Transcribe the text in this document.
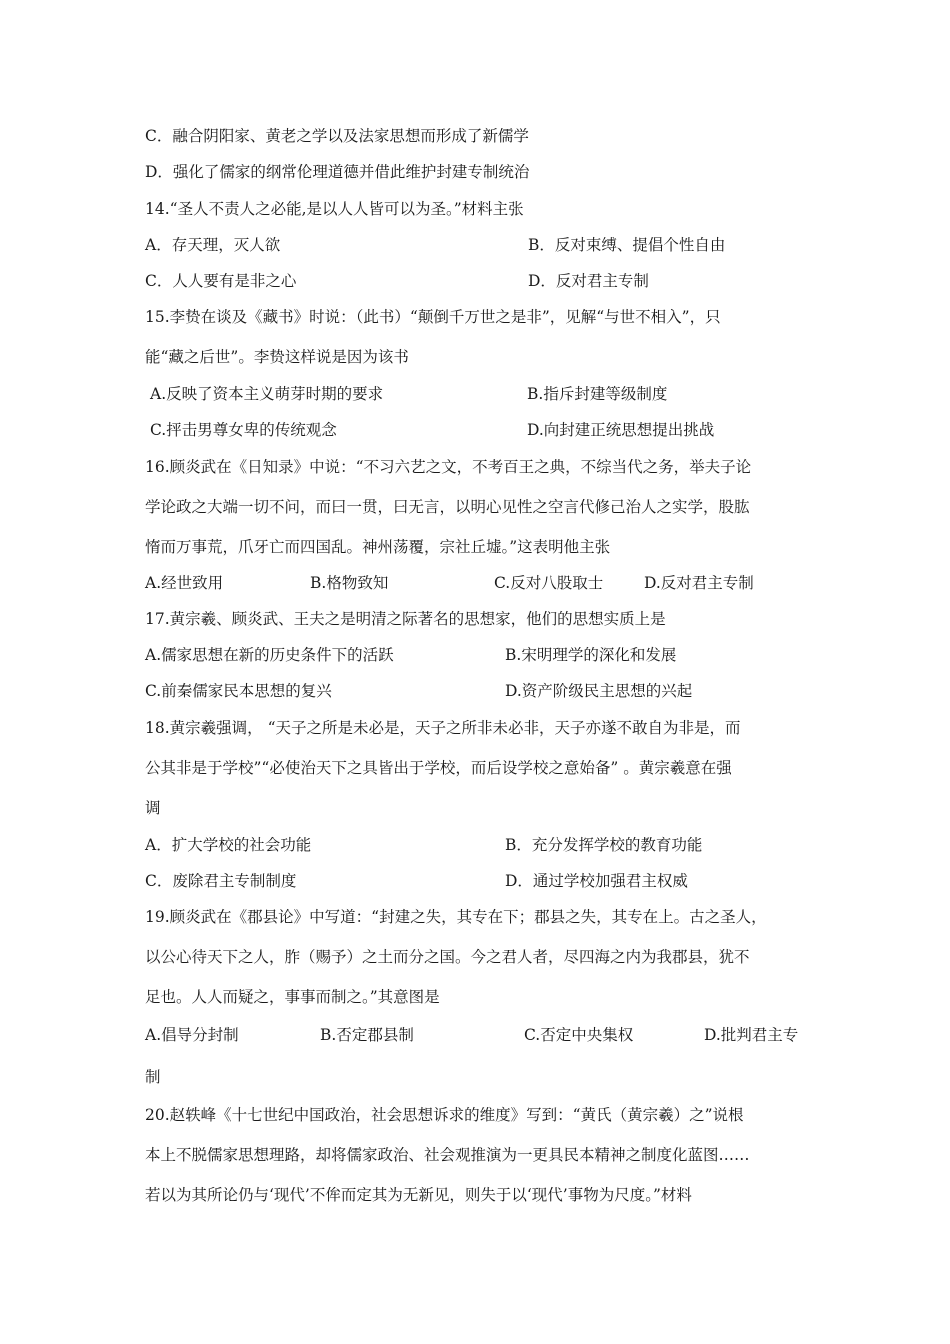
C．融合阴阳家、黄老之学以及法家思想而形成了新儒学

D．强化了儒家的纲常伦理道德并借此维护封建专制统治

14.“圣人不责人之必能,是以人人皆可以为圣。”材料主张

A．存天理，灭人欲	B．反对束缚、提倡个性自由

C．人人要有是非之心	D．反对君主专制

15.李贽在谈及《藏书》时说：（此书）“颠倒千万世之是非”，见解“与世不相入”，只

能“藏之后世”。李贽这样说是因为该书

A.反映了资本主义萌芽时期的要求	B.指斥封建等级制度

C.抨击男尊女卑的传统观念	D.向封建正统思想提出挑战

16.顾炎武在《日知录》中说：“不习六艺之文，不考百王之典，不综当代之务，举夫子论

学论政之大端一切不问，而曰一贯，曰无言，以明心见性之空言代修己治人之实学，股肱

惰而万事荒，爪牙亡而四国乱。神州荡覆，宗社丘墟。”这表明他主张

A.经世致用	B.格物致知	C.反对八股取士	D.反对君主专制

17.黄宗羲、顾炎武、王夫之是明清之际著名的思想家，他们的思想实质上是

A.儒家思想在新的历史条件下的活跃	B.宋明理学的深化和发展

C.前秦儒家民本思想的复兴	D.资产阶级民主思想的兴起

18.黄宗羲强调， “天子之所是未必是，天子之所非未必非，天子亦遂不敢自为非是，而

公其非是于学校”“必使治天下之具皆出于学校，而后设学校之意始备” 。黄宗羲意在强

调

A．扩大学校的社会功能	B．充分发挥学校的教育功能

C．废除君主专制制度	D．通过学校加强君主权威

19.顾炎武在《郡县论》中写道：“封建之失，其专在下；郡县之失，其专在上。古之圣人，

以公心待天下之人，胙（赐予）之土而分之国。今之君人者，尽四海之内为我郡县，犹不

足也。人人而疑之，事事而制之。”其意图是

A.倡导分封制	B.否定郡县制	C.否定中央集权	D.批判君主专

制

20.赵轶峰《十七世纪中国政治，社会思想诉求的维度》写到：“黄氏（黄宗羲）之”说根

本上不脱儒家思想理路，却将儒家政治、社会观推演为一更具民本精神之制度化蓝图……

若以为其所论仍与‘现代’不侔而定其为无新见，则失于以‘现代’事物为尺度。”材料
